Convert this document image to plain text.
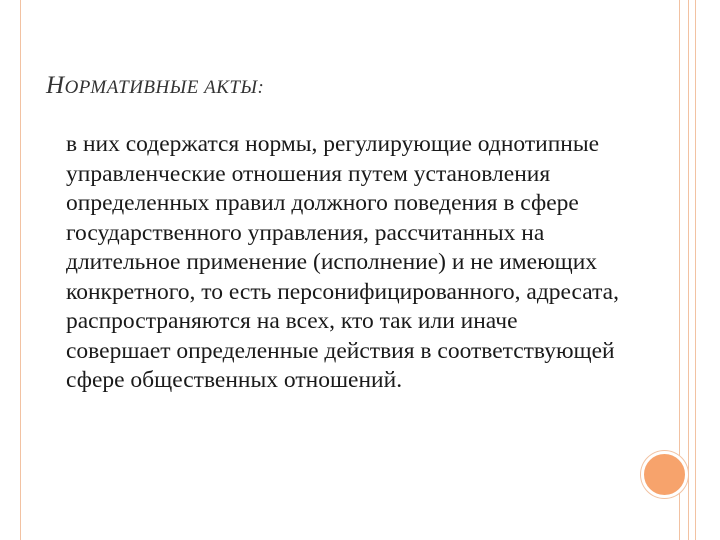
НОРМАТИВНЫЕ АКТЫ:

в них содержатся нормы, регулирующие однотипные управленческие отношения путем установления определенных правил должного поведения в сфере государственного управления, рассчитанных на длительное применение (исполнение) и не имеющих конкретного, то есть персонифицированного, адресата, распространяются на всех, кто так или иначе совершает определенные действия в соответствующей сфере общественных отношений.
